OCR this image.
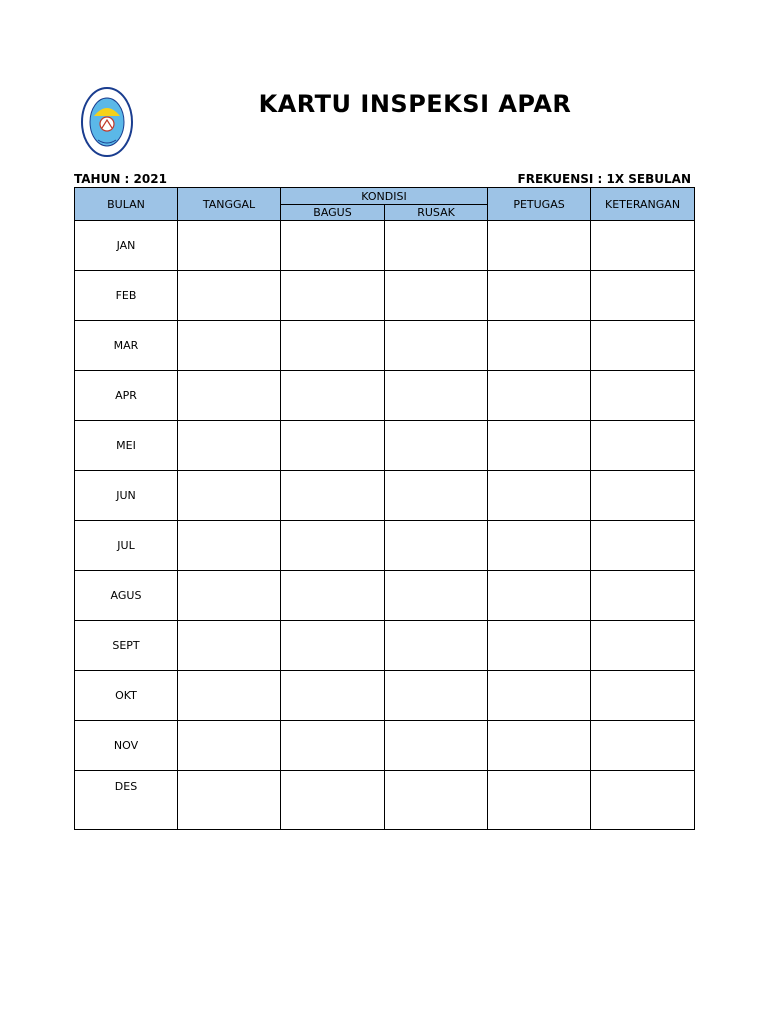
KARTU INSPEKSI APAR
TAHUN : 2021	FREKUENSI : 1X SEBULAN
BULAN	TANGGAL	KONDISI		PETUGAS	KETERANGAN
		BAGUS	RUSAK		
JAN					
FEB					
MAR					
APR					
MEI					
JUN					
JUL					
AGUS					
SEPT					
OKT					
NOV					
DES					
